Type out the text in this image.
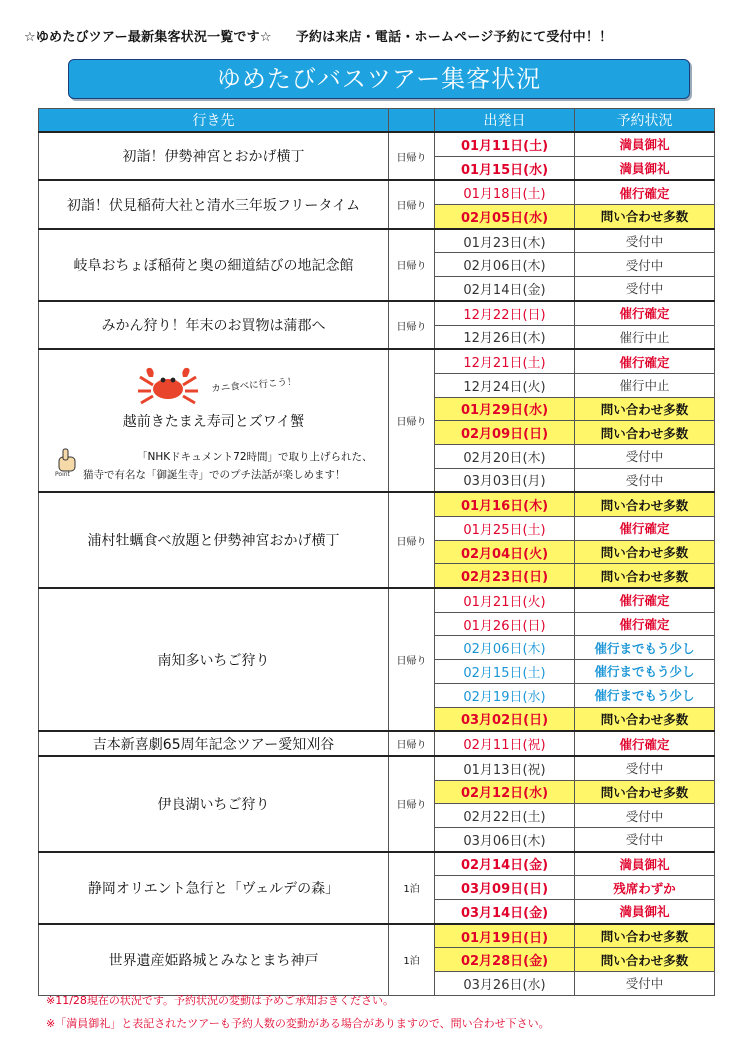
☆ゆめたびツアー最新集客状況一覧です☆ 予約は来店・電話・ホームページ予約にて受付中！！
ゆめたびバスツアー集客状況
行き先		出発日	予約状況
初詣！伊勢神宮とおかげ横丁	日帰り	01月11日(土)	満員御礼
		01月15日(水)	満員御礼
初詣！伏見稲荷大社と清水三年坂フリータイム	日帰り	01月18日(土)	催行確定
		02月05日(水)	問い合わせ多数
岐阜おちょぼ稲荷と奥の細道結びの地記念館	日帰り	01月23日(木)	受付中
		02月06日(木)	受付中
		02月14日(金)	受付中
みかん狩り！年末のお買物は蒲郡へ	日帰り	12月22日(日)	催行確定
		12月26日(木)	催行中止

カニ食べに行こう！
越前きたまえ寿司とズワイ蟹
Point
「NHKドキュメント72時間」で取り上げられた、
猫寺で有名な「御誕生寺」でのプチ法話が楽しめます！	日帰り	12月21日(土)	催行確定
		12月24日(火)	催行中止
		01月29日(水)	問い合わせ多数
		02月09日(日)	問い合わせ多数
		02月20日(木)	受付中
		03月03日(月)	受付中
浦村牡蠣食べ放題と伊勢神宮おかげ横丁	日帰り	01月16日(木)	問い合わせ多数
		01月25日(土)	催行確定
		02月04日(火)	問い合わせ多数
		02月23日(日)	問い合わせ多数
南知多いちご狩り	日帰り	01月21日(火)	催行確定
		01月26日(日)	催行確定
		02月06日(木)	催行までもう少し
		02月15日(土)	催行までもう少し
		02月19日(水)	催行までもう少し
		03月02日(日)	問い合わせ多数
吉本新喜劇65周年記念ツアー愛知刈谷	日帰り	02月11日(祝)	催行確定
伊良湖いちご狩り	日帰り	01月13日(祝)	受付中
		02月12日(水)	問い合わせ多数
		02月22日(土)	受付中
		03月06日(木)	受付中
静岡オリエント急行と「ヴェルデの森」	1泊	02月14日(金)	満員御礼
		03月09日(日)	残席わずか
		03月14日(金)	満員御礼
世界遺産姫路城とみなとまち神戸	1泊	01月19日(日)	問い合わせ多数
		02月28日(金)	問い合わせ多数
		03月26日(水)	受付中
※11/28現在の状況です。予約状況の変動は予めご承知おきください。
※「満員御礼」と表記されたツアーも予約人数の変動がある場合がありますので、問い合わせ下さい。
